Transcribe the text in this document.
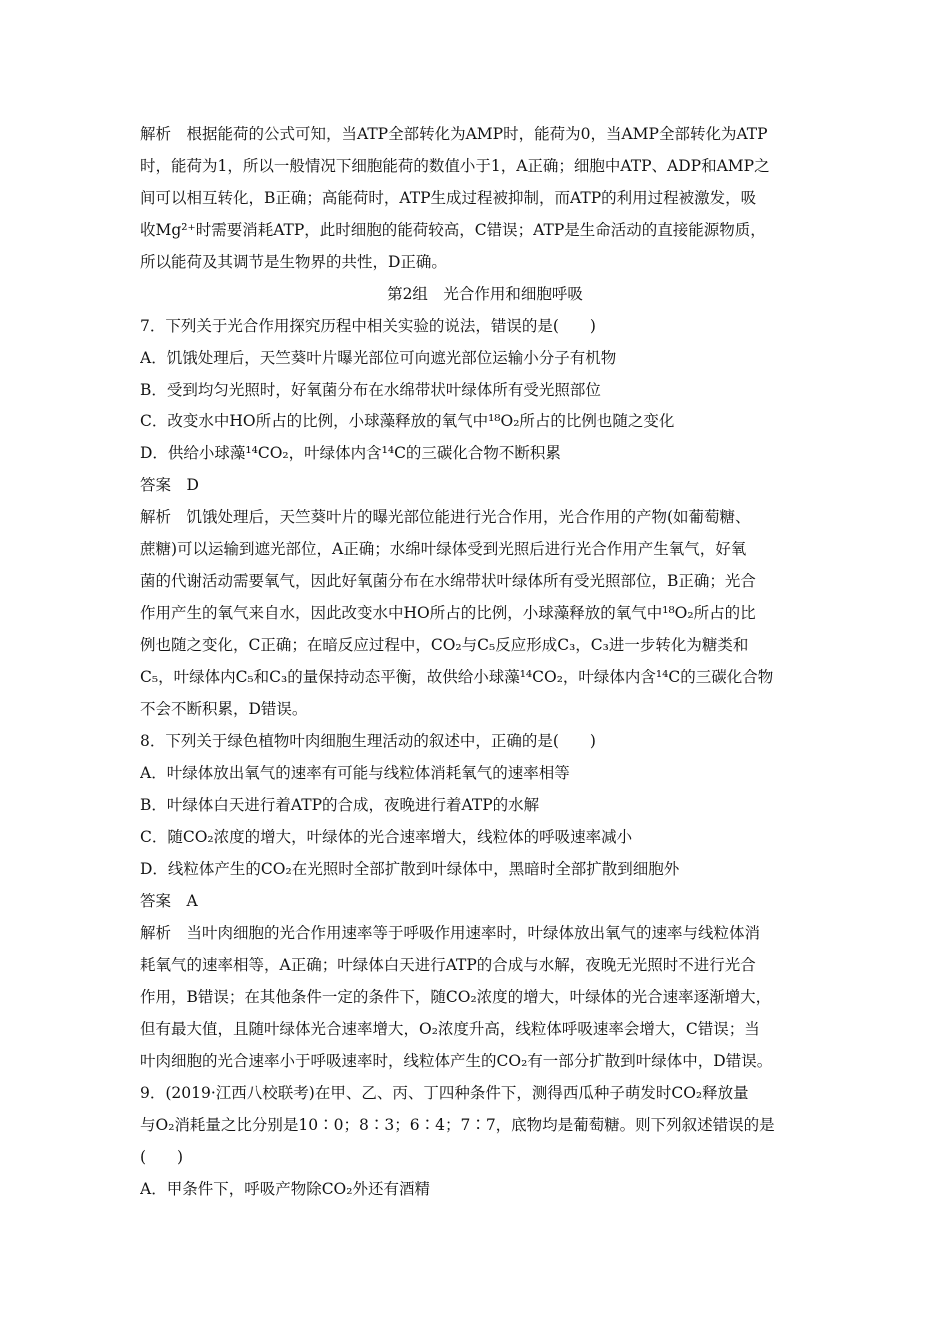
解析　根据能荷的公式可知，当ATP全部转化为AMP时，能荷为0，当AMP全部转化为ATP
时，能荷为1，所以一般情况下细胞能荷的数值小于1，A正确；细胞中ATP、ADP和AMP之
间可以相互转化，B正确；高能荷时，ATP生成过程被抑制，而ATP的利用过程被激发，吸
收Mg²⁺时需要消耗ATP，此时细胞的能荷较高，C错误；ATP是生命活动的直接能源物质，
所以能荷及其调节是生物界的共性，D正确。
第2组　光合作用和细胞呼吸
7．下列关于光合作用探究历程中相关实验的说法，错误的是(　　)
A．饥饿处理后，天竺葵叶片曝光部位可向遮光部位运输小分子有机物
B．受到均匀光照时，好氧菌分布在水绵带状叶绿体所有受光照部位
C．改变水中HO所占的比例，小球藻释放的氧气中¹⁸O₂所占的比例也随之变化
D．供给小球藻¹⁴CO₂，叶绿体内含¹⁴C的三碳化合物不断积累
答案　D
解析　饥饿处理后，天竺葵叶片的曝光部位能进行光合作用，光合作用的产物(如葡萄糖、
蔗糖)可以运输到遮光部位，A正确；水绵叶绿体受到光照后进行光合作用产生氧气，好氧
菌的代谢活动需要氧气，因此好氧菌分布在水绵带状叶绿体所有受光照部位，B正确；光合
作用产生的氧气来自水，因此改变水中HO所占的比例，小球藻释放的氧气中¹⁸O₂所占的比
例也随之变化，C正确；在暗反应过程中，CO₂与C₅反应形成C₃，C₃进一步转化为糖类和
C₅，叶绿体内C₅和C₃的量保持动态平衡，故供给小球藻¹⁴CO₂，叶绿体内含¹⁴C的三碳化合物
不会不断积累，D错误。
8．下列关于绿色植物叶肉细胞生理活动的叙述中，正确的是(　　)
A．叶绿体放出氧气的速率有可能与线粒体消耗氧气的速率相等
B．叶绿体白天进行着ATP的合成，夜晚进行着ATP的水解
C．随CO₂浓度的增大，叶绿体的光合速率增大，线粒体的呼吸速率减小
D．线粒体产生的CO₂在光照时全部扩散到叶绿体中，黑暗时全部扩散到细胞外
答案　A
解析　当叶肉细胞的光合作用速率等于呼吸作用速率时，叶绿体放出氧气的速率与线粒体消
耗氧气的速率相等，A正确；叶绿体白天进行ATP的合成与水解，夜晚无光照时不进行光合
作用，B错误；在其他条件一定的条件下，随CO₂浓度的增大，叶绿体的光合速率逐渐增大，
但有最大值，且随叶绿体光合速率增大，O₂浓度升高，线粒体呼吸速率会增大，C错误；当
叶肉细胞的光合速率小于呼吸速率时，线粒体产生的CO₂有一部分扩散到叶绿体中，D错误。
9．(2019·江西八校联考)在甲、乙、丙、丁四种条件下，测得西瓜种子萌发时CO₂释放量
与O₂消耗量之比分别是10∶0；8∶3；6∶4；7∶7，底物均是葡萄糖。则下列叙述错误的是
(　　)
A．甲条件下，呼吸产物除CO₂外还有酒精
